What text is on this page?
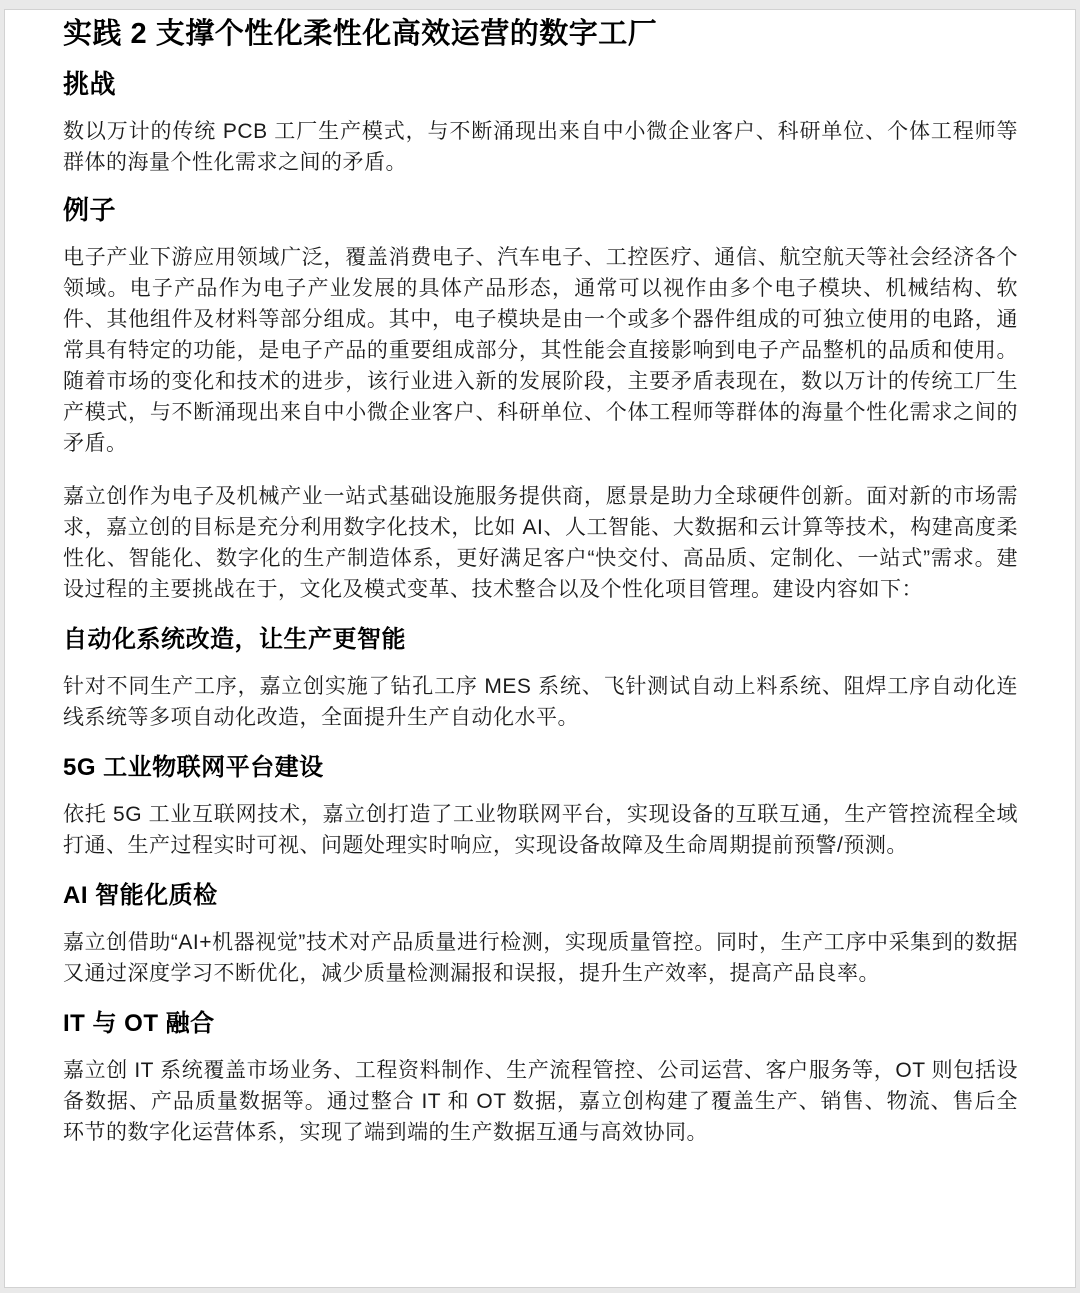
实践 2 支撑个性化柔性化高效运营的数字工厂
挑战

数以万计的传统 PCB 工厂生产模式，与不断涌现出来自中小微企业客户、科研单位、个体工程师等群体的海量个性化需求之间的矛盾。

例子

电子产业下游应用领域广泛，覆盖消费电子、汽车电子、工控医疗、通信、航空航天等社会经济各个领域。电子产品作为电子产业发展的具体产品形态，通常可以视作由多个电子模块、机械结构、软件、其他组件及材料等部分组成。其中，电子模块是由一个或多个器件组成的可独立使用的电路，通常具有特定的功能，是电子产品的重要组成部分，其性能会直接影响到电子产品整机的品质和使用。随着市场的变化和技术的进步，该行业进入新的发展阶段，主要矛盾表现在，数以万计的传统工厂生产模式，与不断涌现出来自中小微企业客户、科研单位、个体工程师等群体的海量个性化需求之间的矛盾。

嘉立创作为电子及机械产业一站式基础设施服务提供商，愿景是助力全球硬件创新。面对新的市场需求，嘉立创的目标是充分利用数字化技术，比如 AI、人工智能、大数据和云计算等技术，构建高度柔性化、智能化、数字化的生产制造体系，更好满足客户“快交付、高品质、定制化、一站式”需求。建设过程的主要挑战在于，文化及模式变革、技术整合以及个性化项目管理。建设内容如下：

自动化系统改造，让生产更智能

针对不同生产工序，嘉立创实施了钻孔工序 MES 系统、飞针测试自动上料系统、阻焊工序自动化连线系统等多项自动化改造，全面提升生产自动化水平。

5G 工业物联网平台建设

依托 5G 工业互联网技术，嘉立创打造了工业物联网平台，实现设备的互联互通，生产管控流程全域打通、生产过程实时可视、问题处理实时响应，实现设备故障及生命周期提前预警/预测。

AI 智能化质检

嘉立创借助“AI+机器视觉”技术对产品质量进行检测，实现质量管控。同时，生产工序中采集到的数据又通过深度学习不断优化，减少质量检测漏报和误报，提升生产效率，提高产品良率。

IT 与 OT 融合

嘉立创 IT 系统覆盖市场业务、工程资料制作、生产流程管控、公司运营、客户服务等，OT 则包括设备数据、产品质量数据等。通过整合 IT 和 OT 数据，嘉立创构建了覆盖生产、销售、物流、售后全环节的数字化运营体系，实现了端到端的生产数据互通与高效协同。
